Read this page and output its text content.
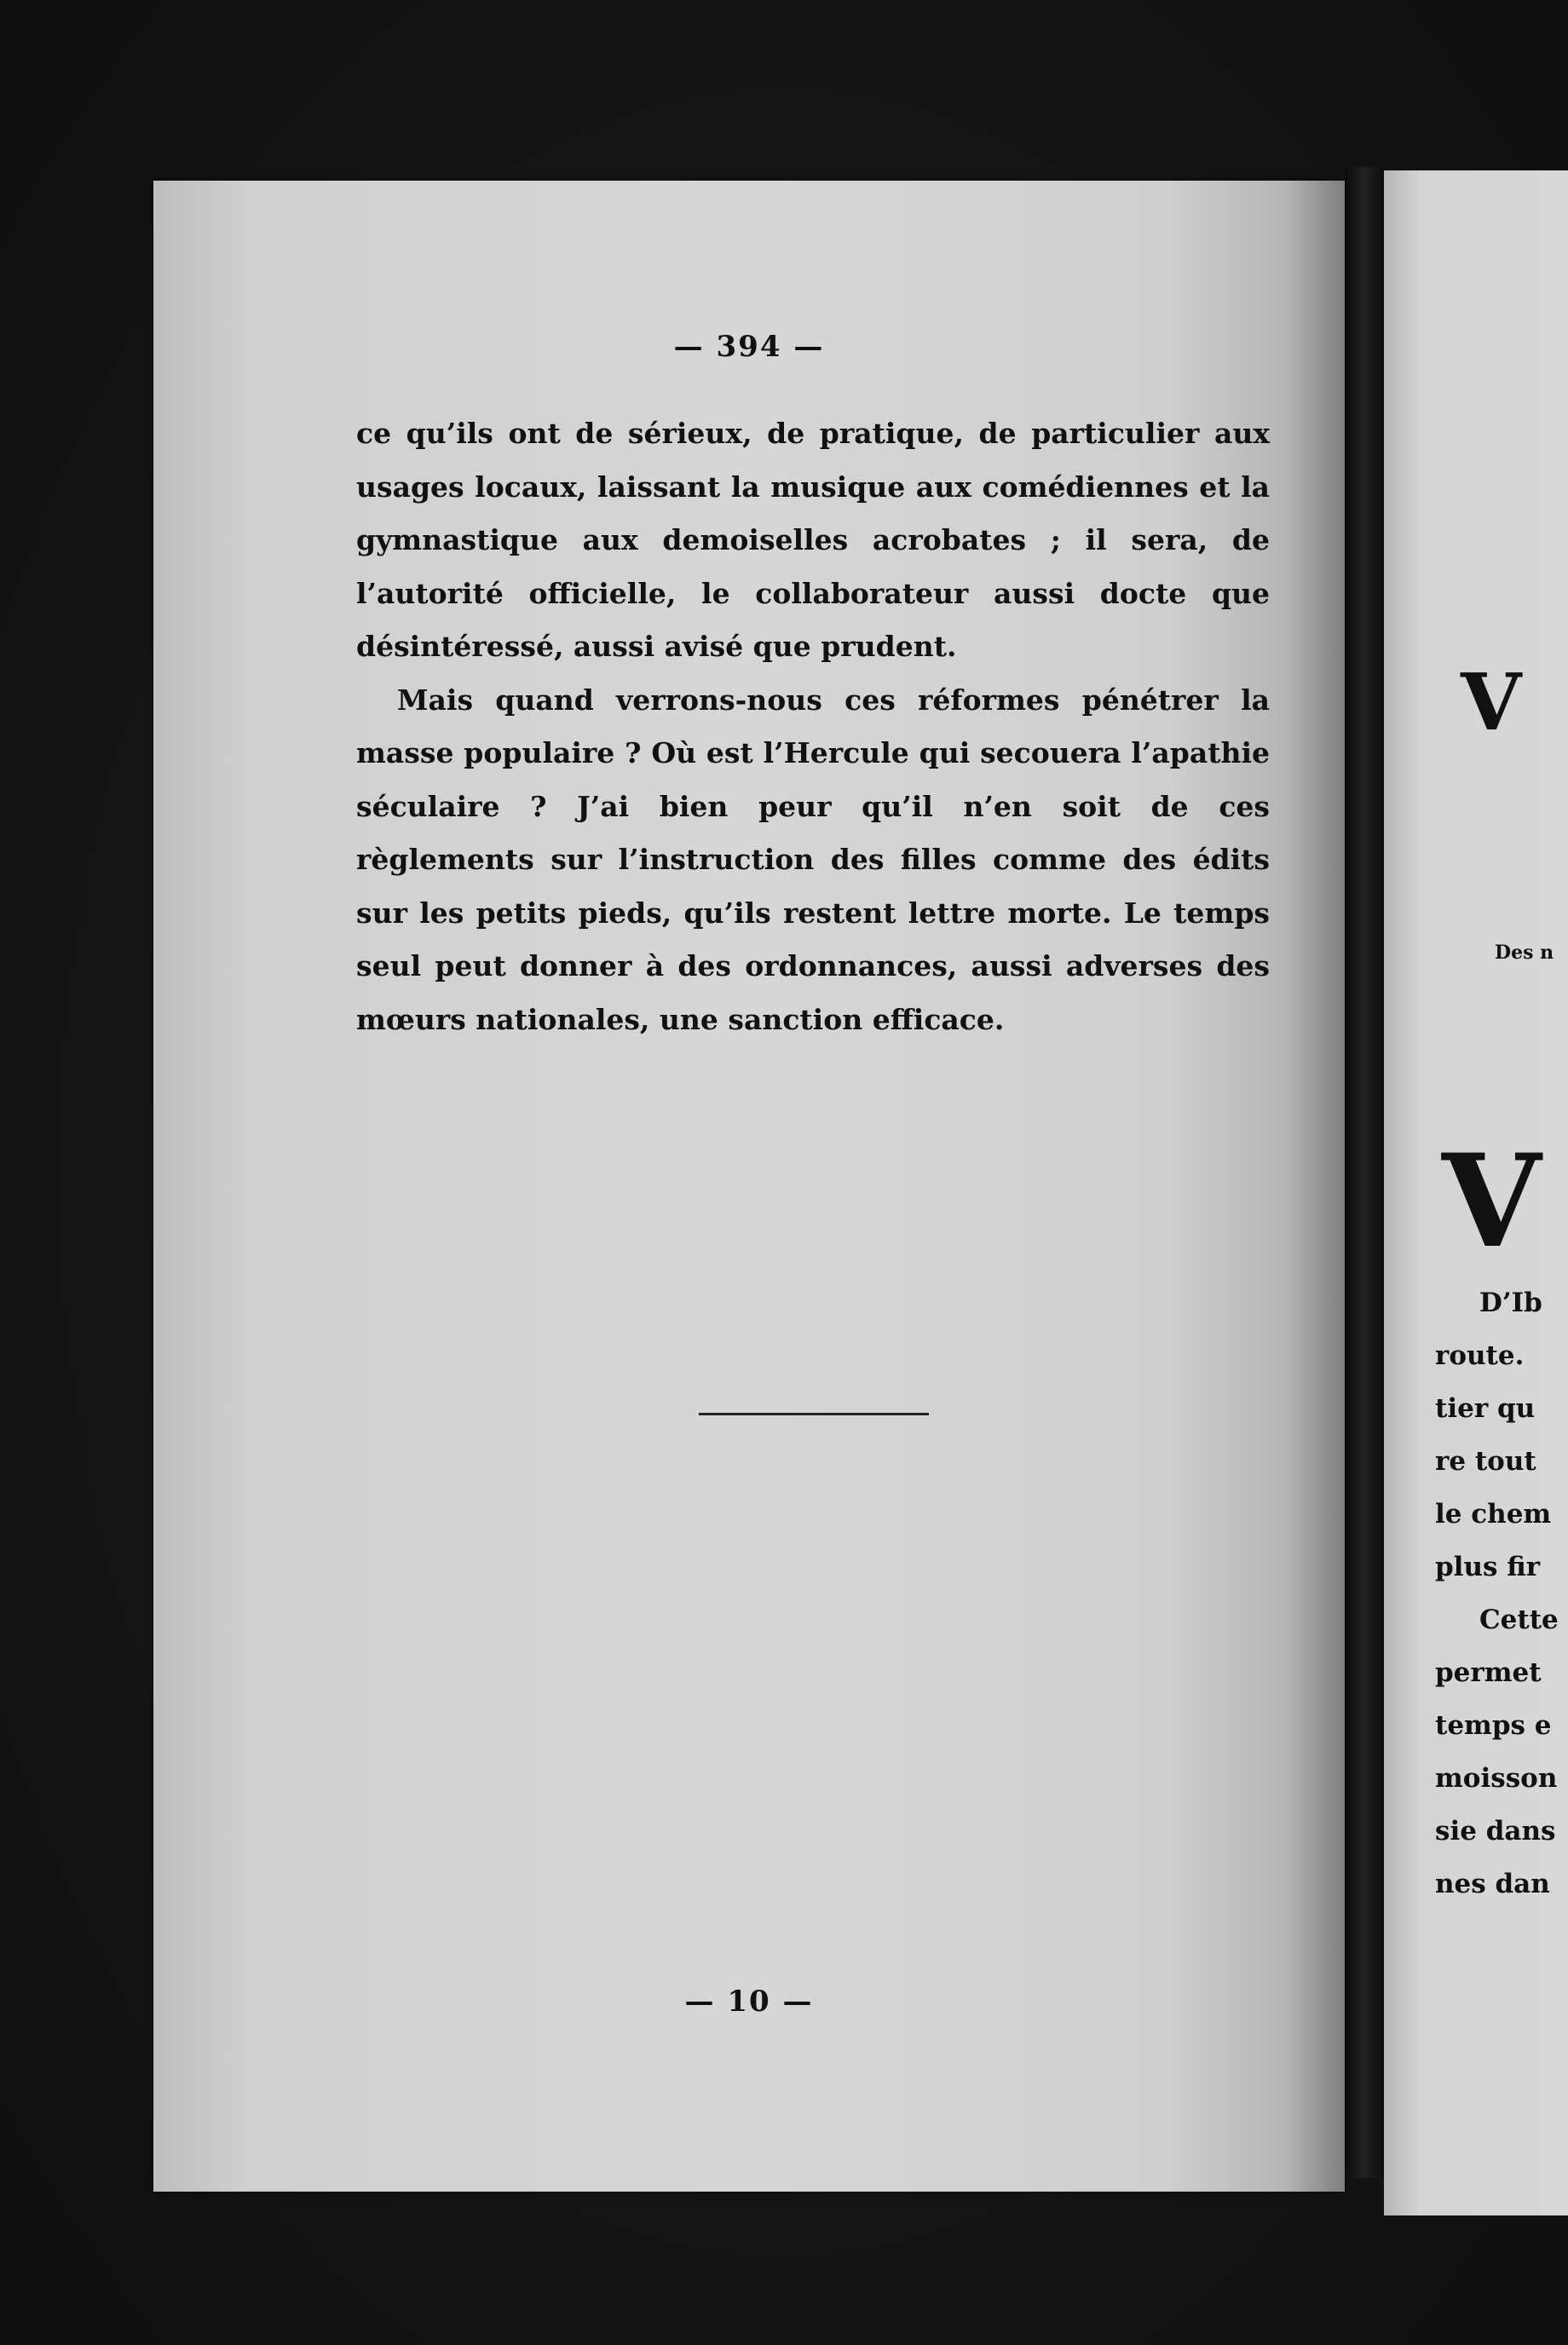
— 394 —

ce qu’ils ont de sérieux, de pratique, de particulier aux usages locaux, laissant la musique aux comédiennes et la gymnastique aux demoiselles acrobates ; il sera, de l’autorité officielle, le collaborateur aussi docte que désintéressé, aussi avisé que prudent.

Mais quand verrons-nous ces réformes pénétrer la masse populaire ? Où est l’Hercule qui secouera l’apathie séculaire ? J’ai bien peur qu’il n’en soit de ces règlements sur l’instruction des filles comme des édits sur les petits pieds, qu’ils restent lettre morte. Le temps seul peut donner à des ordonnances, aussi adverses des mœurs nationales, une sanction efficace.

— 10 —
V
Des n
V
D’Ib
route.
tier qu
re tout
le chem
plus fir
Cette
permet
temps e
moisson
sie dans
nes dan
